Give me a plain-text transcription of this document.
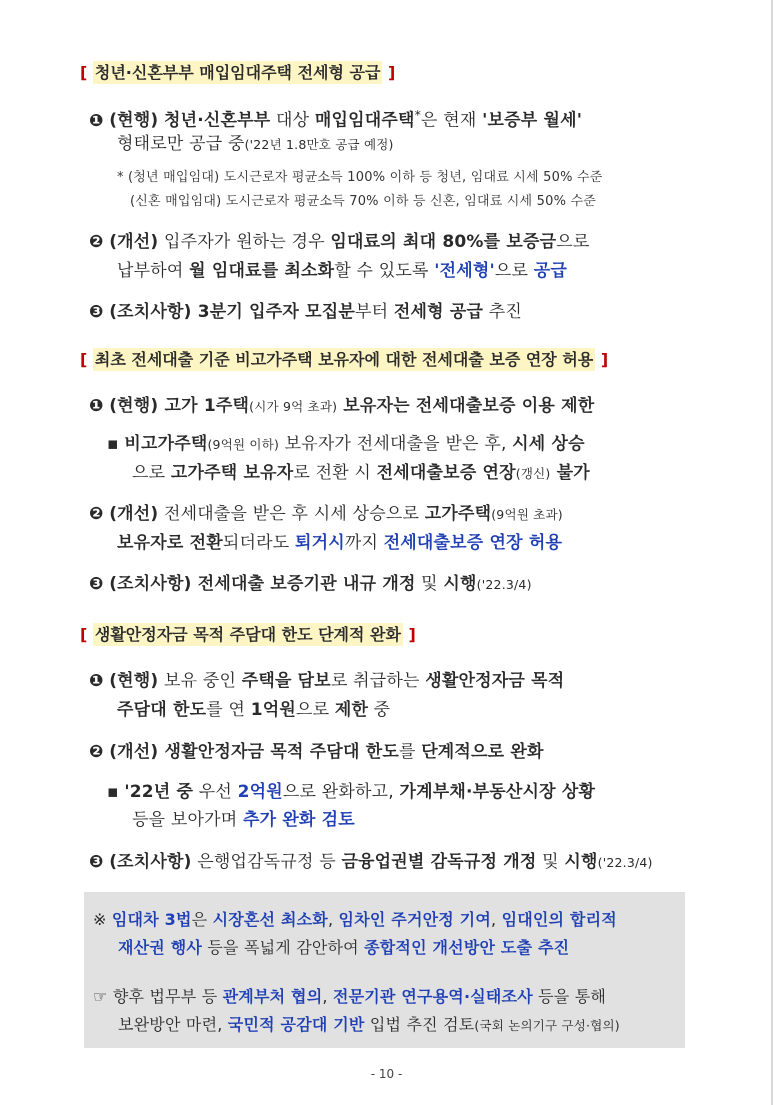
[ 청년·신혼부부 매입임대주택 전세형 공급 ]
❶ (현행) 청년·신혼부부 대상 매입임대주택*은 현재 '보증부 월세'
형태로만 공급 중('22년 1.8만호 공급 예정)
* (청년 매입임대) 도시근로자 평균소득 100% 이하 등 청년, 임대료 시세 50% 수준
(신혼 매입임대) 도시근로자 평균소득 70% 이하 등 신혼, 임대료 시세 50% 수준
❷ (개선) 입주자가 원하는 경우 임대료의 최대 80%를 보증금으로
납부하여 월 임대료를 최소화할 수 있도록 '전세형'으로 공급
❸ (조치사항) 3분기 입주자 모집분부터 전세형 공급 추진
[ 최초 전세대출 기준 비고가주택 보유자에 대한 전세대출 보증 연장 허용 ]
❶ (현행) 고가 1주택(시가 9억 초과) 보유자는 전세대출보증 이용 제한
▪ 비고가주택(9억원 이하) 보유자가 전세대출을 받은 후, 시세 상승
으로 고가주택 보유자로 전환 시 전세대출보증 연장(갱신) 불가
❷ (개선) 전세대출을 받은 후 시세 상승으로 고가주택(9억원 초과)
보유자로 전환되더라도 퇴거시까지 전세대출보증 연장 허용
❸ (조치사항) 전세대출 보증기관 내규 개정 및 시행('22.3/4)
[ 생활안정자금 목적 주담대 한도 단계적 완화 ]
❶ (현행) 보유 중인 주택을 담보로 취급하는 생활안정자금 목적
주담대 한도를 연 1억원으로 제한 중
❷ (개선) 생활안정자금 목적 주담대 한도를 단계적으로 완화
▪ '22년 중 우선 2억원으로 완화하고, 가계부채·부동산시장 상황
등을 보아가며 추가 완화 검토
❸ (조치사항) 은행업감독규정 등 금융업권별 감독규정 개정 및 시행('22.3/4)
※ 임대차 3법은 시장혼선 최소화, 임차인 주거안정 기여, 임대인의 합리적
재산권 행사 등을 폭넓게 감안하여 종합적인 개선방안 도출 추진
☞ 향후 법무부 등 관계부처 협의, 전문기관 연구용역·실태조사 등을 통해
보완방안 마련, 국민적 공감대 기반 입법 추진 검토(국회 논의기구 구성·협의)
- 10 -
